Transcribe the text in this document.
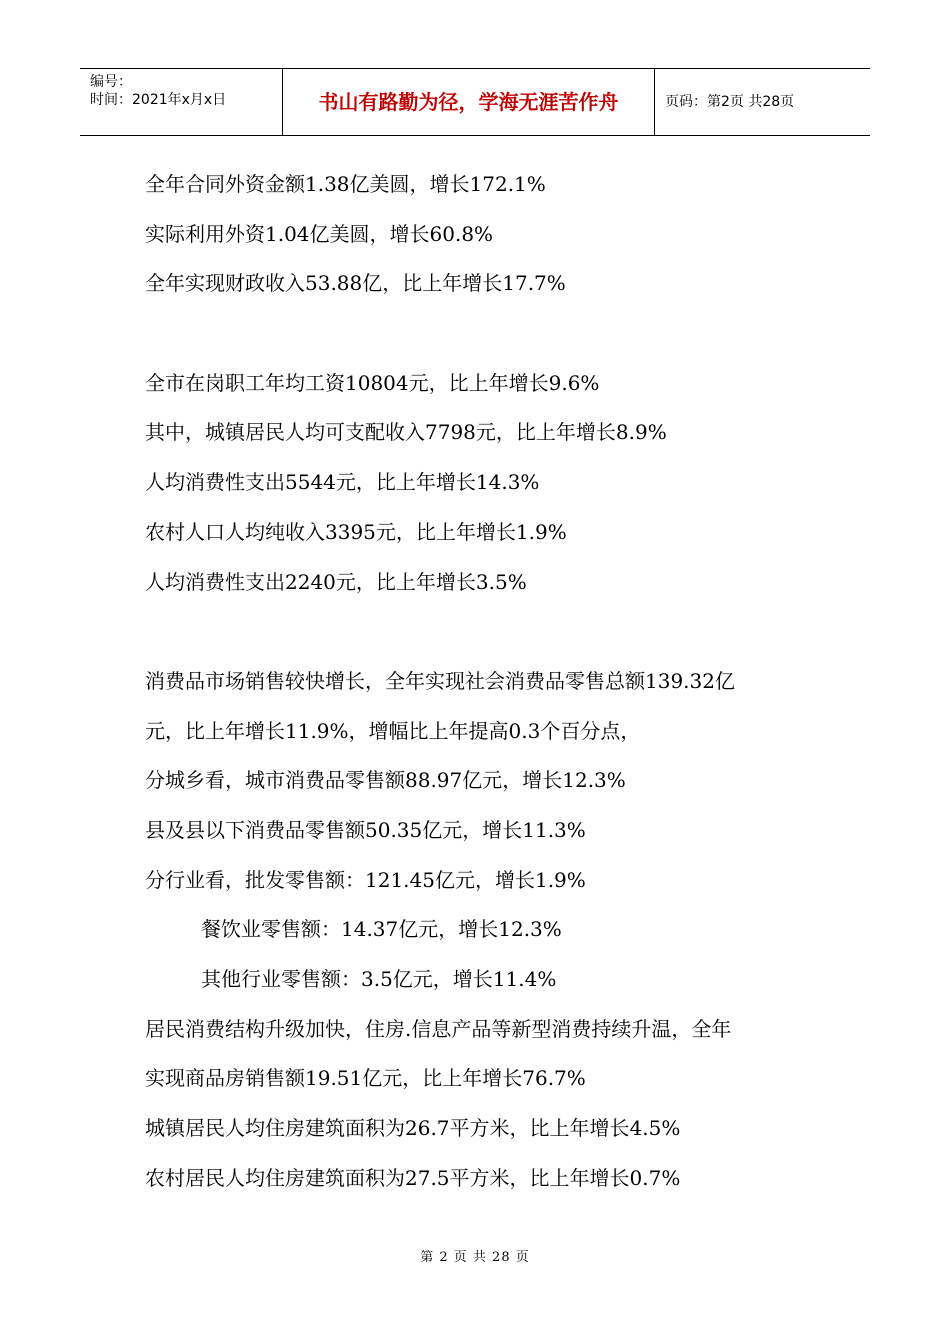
编号：
时间：2021年x月x日	书山有路勤为径，学海无涯苦作舟	页码：第2页 共28页
全年合同外资金额1.38亿美圆，增长172.1%
实际利用外资1.04亿美圆，增长60.8%
全年实现财政收入53.88亿，比上年增长17.7%
全市在岗职工年均工资10804元，比上年增长9.6%
其中，城镇居民人均可支配收入7798元，比上年增长8.9%
人均消费性支出5544元，比上年增长14.3%
农村人口人均纯收入3395元，比上年增长1.9%
人均消费性支出2240元，比上年增长3.5%
消费品市场销售较快增长，全年实现社会消费品零售总额139.32亿
元，比上年增长11.9%，增幅比上年提高0.3个百分点，
分城乡看，城市消费品零售额88.97亿元，增长12.3%
县及县以下消费品零售额50.35亿元，增长11.3%
分行业看，批发零售额：121.45亿元，增长1.9%
餐饮业零售额：14.37亿元，增长12.3%
其他行业零售额：3.5亿元，增长11.4%
居民消费结构升级加快，住房.信息产品等新型消费持续升温，全年
实现商品房销售额19.51亿元，比上年增长76.7%
城镇居民人均住房建筑面积为26.7平方米，比上年增长4.5%
农村居民人均住房建筑面积为27.5平方米，比上年增长0.7%
第 2 页 共 28 页
